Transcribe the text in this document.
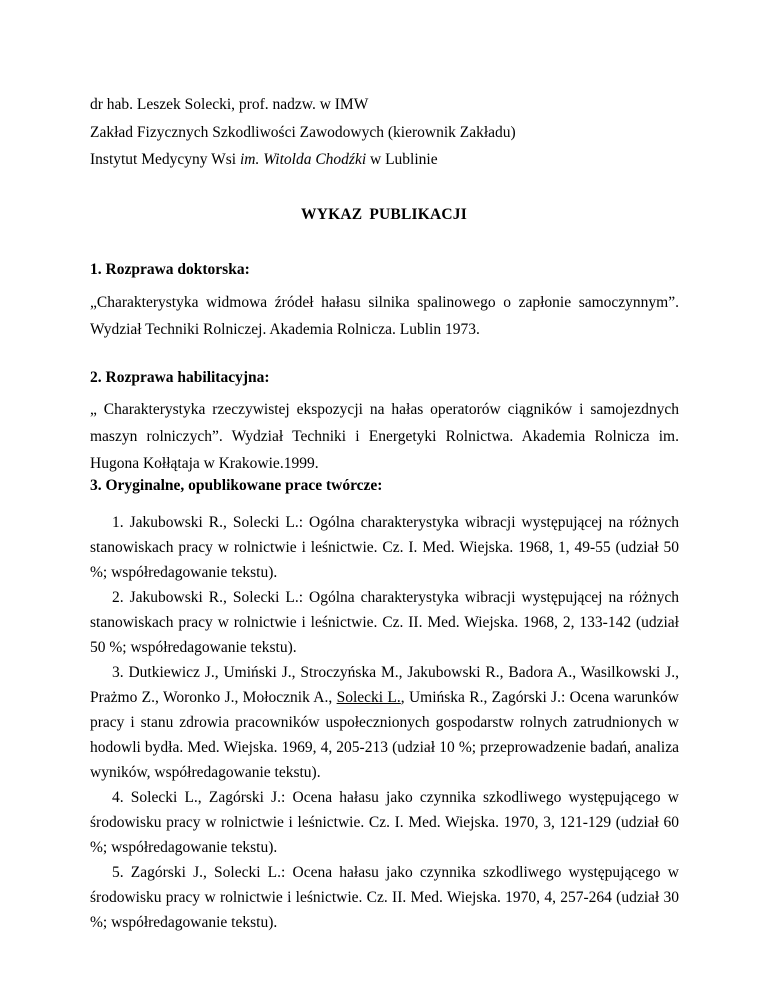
dr hab. Leszek Solecki, prof. nadzw. w IMW
Zakład Fizycznych Szkodliwości Zawodowych (kierownik Zakładu)
Instytut Medycyny Wsi im. Witolda Chodźki w Lublinie
WYKAZ PUBLIKACJI
1. Rozprawa doktorska:
„Charakterystyka widmowa źródeł hałasu silnika spalinowego o zapłonie samoczynnym”. Wydział Techniki Rolniczej. Akademia Rolnicza. Lublin 1973.
2. Rozprawa habilitacyjna:
„ Charakterystyka rzeczywistej ekspozycji na hałas operatorów ciągników i samojezdnych maszyn rolniczych”. Wydział Techniki i Energetyki Rolnictwa. Akademia Rolnicza im. Hugona Kołłątaja w Krakowie.1999.
3. Oryginalne, opublikowane prace twórcze:

1. Jakubowski R., Solecki L.: Ogólna charakterystyka wibracji występującej na różnych stanowiskach pracy w rolnictwie i leśnictwie. Cz. I. Med. Wiejska. 1968, 1, 49-55 (udział 50 %; współredagowanie tekstu).

2. Jakubowski R., Solecki L.: Ogólna charakterystyka wibracji występującej na różnych stanowiskach pracy w rolnictwie i leśnictwie. Cz. II. Med. Wiejska. 1968, 2, 133-142 (udział 50 %; współredagowanie tekstu).

3. Dutkiewicz J., Umiński J., Stroczyńska M., Jakubowski R., Badora A., Wasilkowski J., Prażmo Z., Woronko J., Mołocznik A., Solecki L., Umińska R., Zagórski J.: Ocena warunków pracy i stanu zdrowia pracowników uspołecznionych gospodarstw rolnych zatrudnionych w hodowli bydła. Med. Wiejska. 1969, 4, 205-213 (udział 10 %; przeprowadzenie badań, analiza wyników, współredagowanie tekstu).

4. Solecki L., Zagórski J.: Ocena hałasu jako czynnika szkodliwego występującego w środowisku pracy w rolnictwie i leśnictwie. Cz. I. Med. Wiejska. 1970, 3, 121-129 (udział 60 %; współredagowanie tekstu).

5. Zagórski J., Solecki L.: Ocena hałasu jako czynnika szkodliwego występującego w środowisku pracy w rolnictwie i leśnictwie. Cz. II. Med. Wiejska. 1970, 4, 257-264 (udział 30 %; współredagowanie tekstu).
